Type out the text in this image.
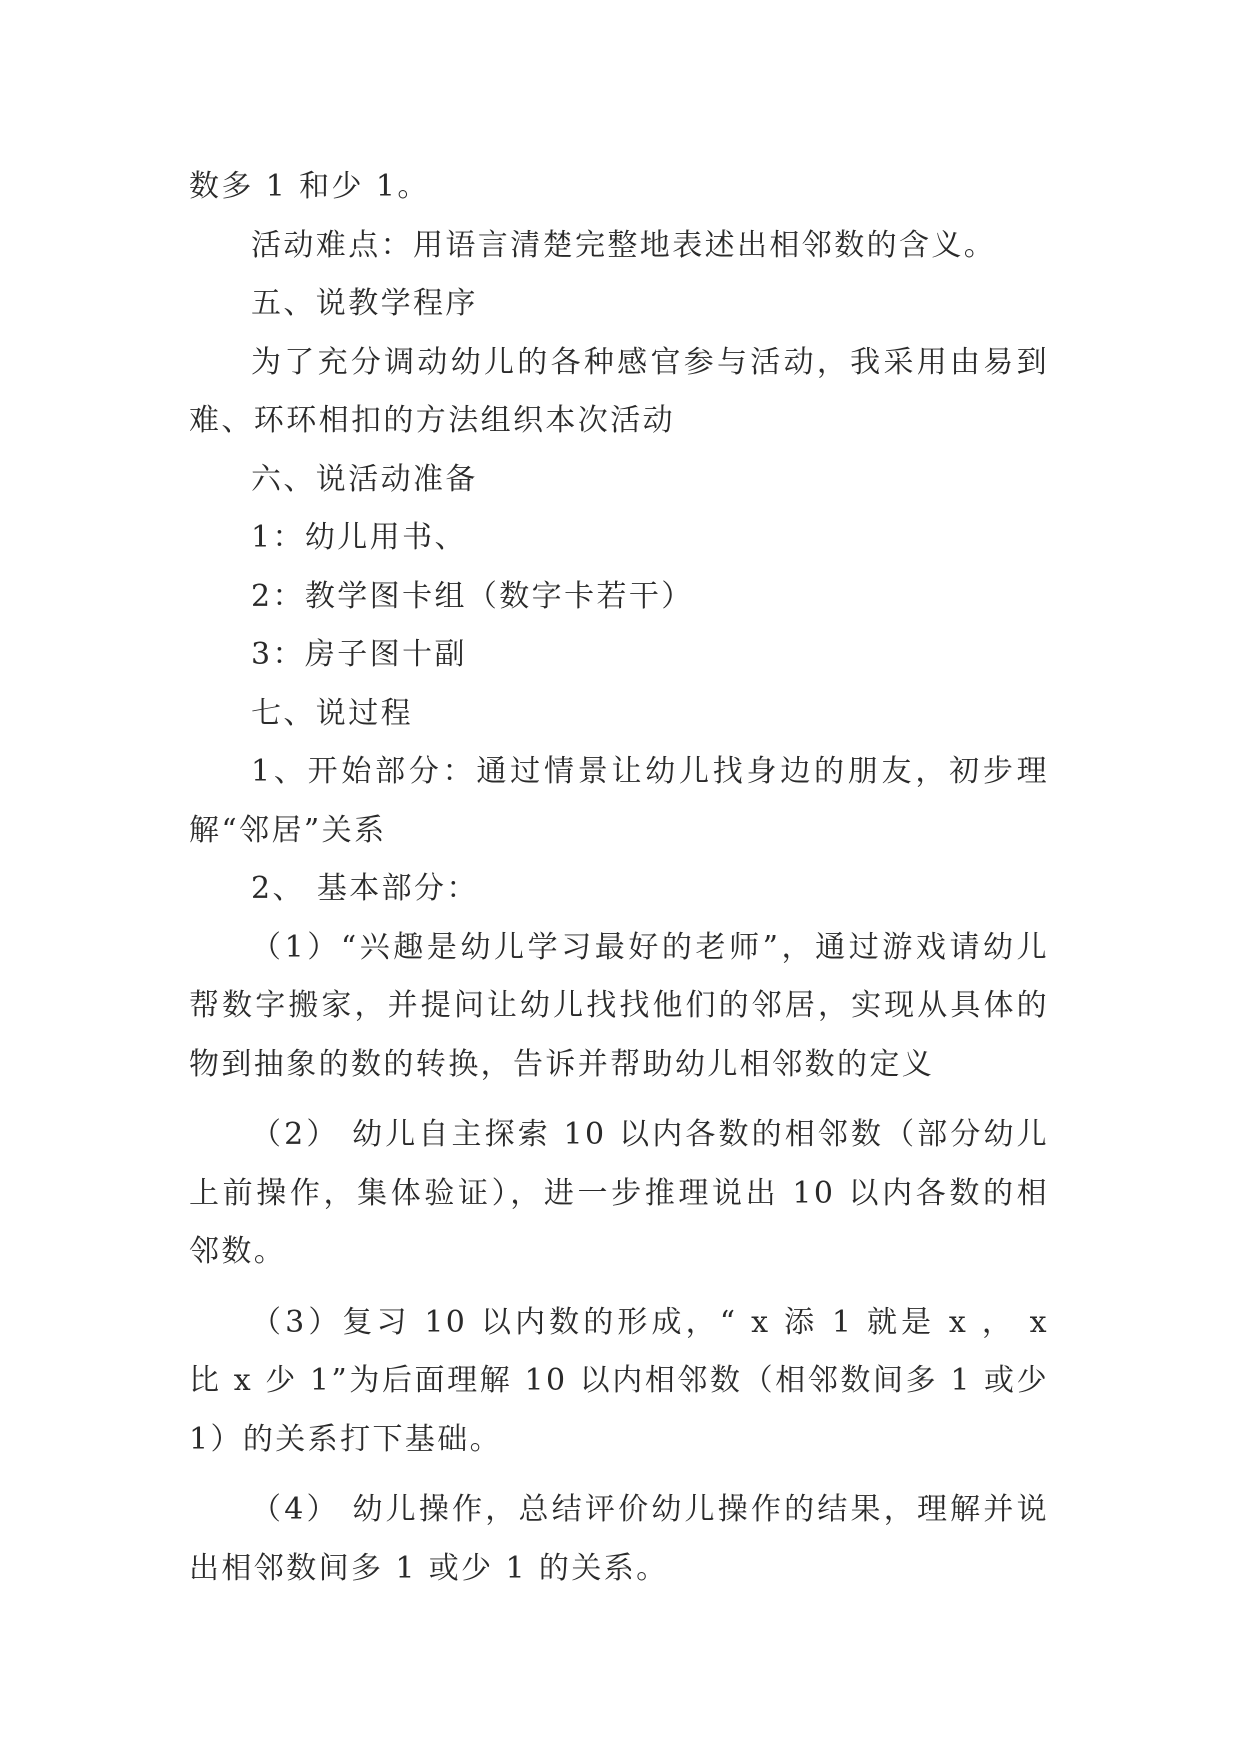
数多 1 和少 1。

活动难点：用语言清楚完整地表述出相邻数的含义。

五、说教学程序

为了充分调动幼儿的各种感官参与活动，我采用由易到难、环环相扣的方法组织本次活动

六、说活动准备

1：幼儿用书、

2：教学图卡组（数字卡若干）

3：房子图十副

七、说过程

1、开始部分：通过情景让幼儿找身边的朋友，初步理解“邻居”关系

2、 基本部分：

（1）“兴趣是幼儿学习最好的老师”，通过游戏请幼儿帮数字搬家，并提问让幼儿找找他们的邻居，实现从具体的物到抽象的数的转换，告诉并帮助幼儿相邻数的定义

（2） 幼儿自主探索 10 以内各数的相邻数（部分幼儿上前操作，集体验证），进一步推理说出 10 以内各数的相邻数。

（3）复习 10 以内数的形成，“ x 添 1 就是 x ， x 比 x 少 1”为后面理解 10 以内相邻数（相邻数间多 1 或少 1）的关系打下基础。

（4） 幼儿操作，总结评价幼儿操作的结果，理解并说出相邻数间多 1 或少 1 的关系。
